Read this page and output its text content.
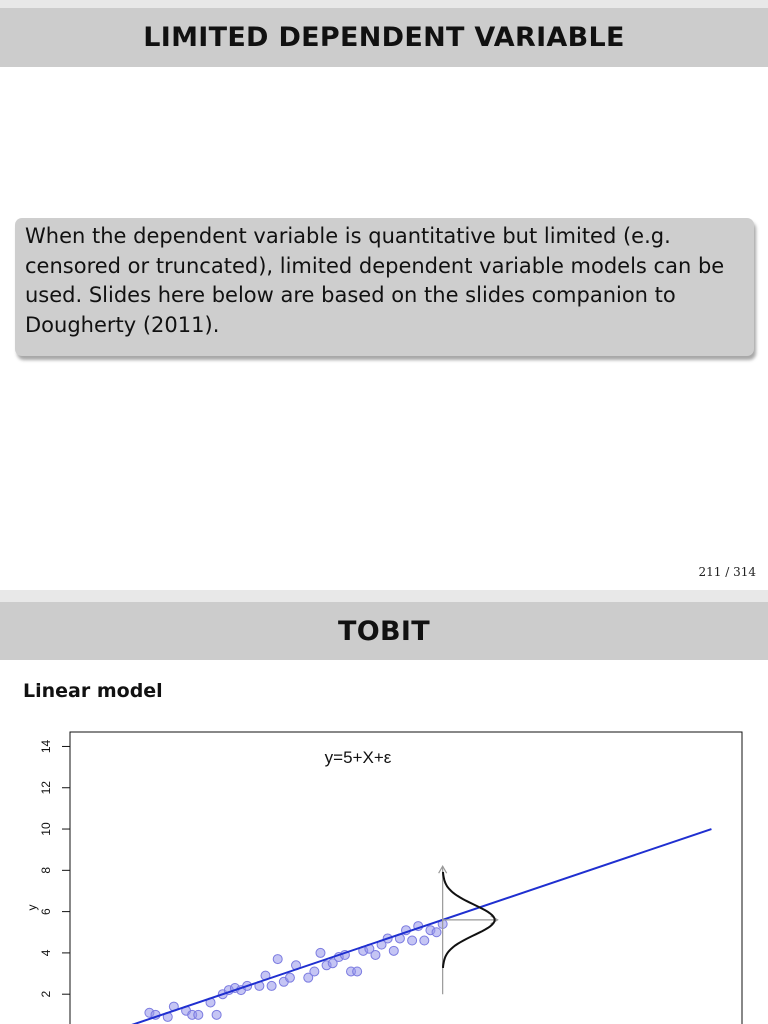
LIMITED DEPENDENT VARIABLE
When the dependent variable is quantitative but limited (e.g. censored or truncated), limited dependent variable models can be used. Slides here below are based on the slides companion to Dougherty (2011).
211 / 314
TOBIT
Linear model
2
4
6
8
10
12
14
y=5+X+ε
y
